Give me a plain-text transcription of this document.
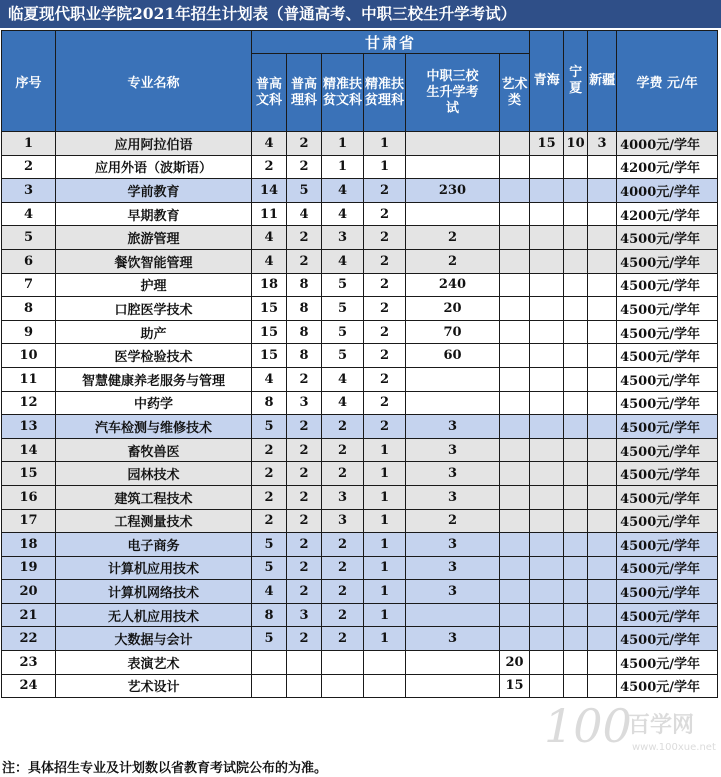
临夏现代职业学院2021年招生计划表（普通高考、中职三校生升学考试）
序号	专业名称	甘肃省						青海	宁夏	新疆	学费 元/年
		普高文科	普高理科	精准扶贫文科	精准扶贫理科	中职三校生升学考试	艺术类				
1	应用阿拉伯语	4	2	1	1			15	10	3	4000元/学年
2	应用外语（波斯语）	2	2	1	1						4200元/学年
3	学前教育	14	5	4	2	230					4000元/学年
4	早期教育	11	4	4	2						4200元/学年
5	旅游管理	4	2	3	2	2					4500元/学年
6	餐饮智能管理	4	2	4	2	2					4500元/学年
7	护理	18	8	5	2	240					4500元/学年
8	口腔医学技术	15	8	5	2	20					4500元/学年
9	助产	15	8	5	2	70					4500元/学年
10	医学检验技术	15	8	5	2	60					4500元/学年
11	智慧健康养老服务与管理	4	2	4	2						4500元/学年
12	中药学	8	3	4	2						4500元/学年
13	汽车检测与维修技术	5	2	2	2	3					4500元/学年
14	畜牧兽医	2	2	2	1	3					4500元/学年
15	园林技术	2	2	2	1	3					4500元/学年
16	建筑工程技术	2	2	3	1	3					4500元/学年
17	工程测量技术	2	2	3	1	2					4500元/学年
18	电子商务	5	2	2	1	3					4500元/学年
19	计算机应用技术	5	2	2	1	3					4500元/学年
20	计算机网络技术	4	2	2	1	3					4500元/学年
21	无人机应用技术	8	3	2	1						4500元/学年
22	大数据与会计	5	2	2	1	3					4500元/学年
23	表演艺术						20				4500元/学年
24	艺术设计						15				4500元/学年
注：具体招生专业及计划数以省教育考试院公布的为准。
100
百学网
www.100xue.net
